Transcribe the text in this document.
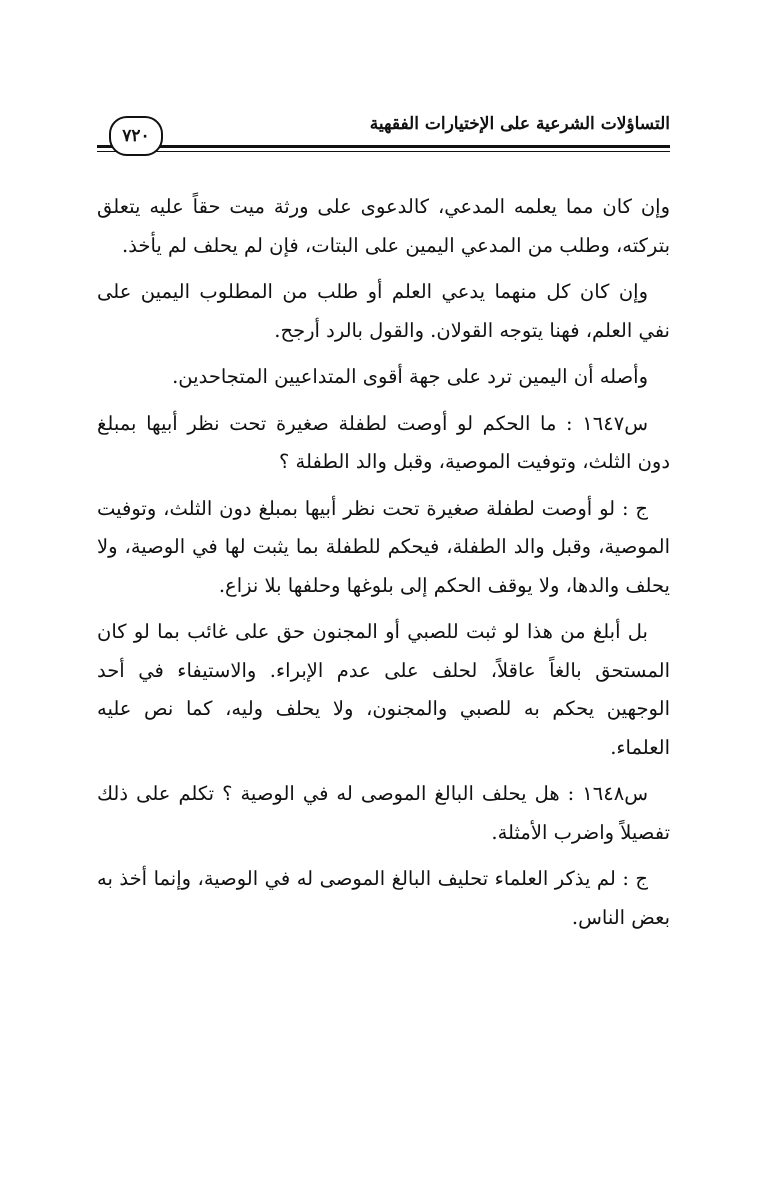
التساؤلات الشرعية على الإختيارات الفقهية
٧٢٠

وإن كان مما يعلمه المدعي، كالدعوى على ورثة ميت حقاً عليه يتعلق بتركته، وطلب من المدعي اليمين على البتات، فإن لم يحلف لم يأخذ.

وإن كان كل منهما يدعي العلم أو طلب من المطلوب اليمين على نفي العلم، فهنا يتوجه القولان. والقول بالرد أرجح.

وأصله أن اليمين ترد على جهة أقوى المتداعيين المتجاحدين.

س١٦٤٧ : ما الحكم لو أوصت لطفلة صغيرة تحت نظر أبيها بمبلغ دون الثلث، وتوفيت الموصية، وقبل والد الطفلة ؟

ج : لو أوصت لطفلة صغيرة تحت نظر أبيها بمبلغ دون الثلث، وتوفيت الموصية، وقبل والد الطفلة، فيحكم للطفلة بما يثبت لها في الوصية، ولا يحلف والدها، ولا يوقف الحكم إلى بلوغها وحلفها بلا نزاع.

بل أبلغ من هذا لو ثبت للصبي أو المجنون حق على غائب بما لو كان المستحق بالغاً عاقلاً، لحلف على عدم الإبراء. والاستيفاء في أحد الوجهين يحكم به للصبي والمجنون، ولا يحلف وليه، كما نص عليه العلماء.

س١٦٤٨ : هل يحلف البالغ الموصى له في الوصية ؟ تكلم على ذلك تفصيلاً واضرب الأمثلة.

ج : لم يذكر العلماء تحليف البالغ الموصى له في الوصية، وإنما أخذ به بعض الناس.
